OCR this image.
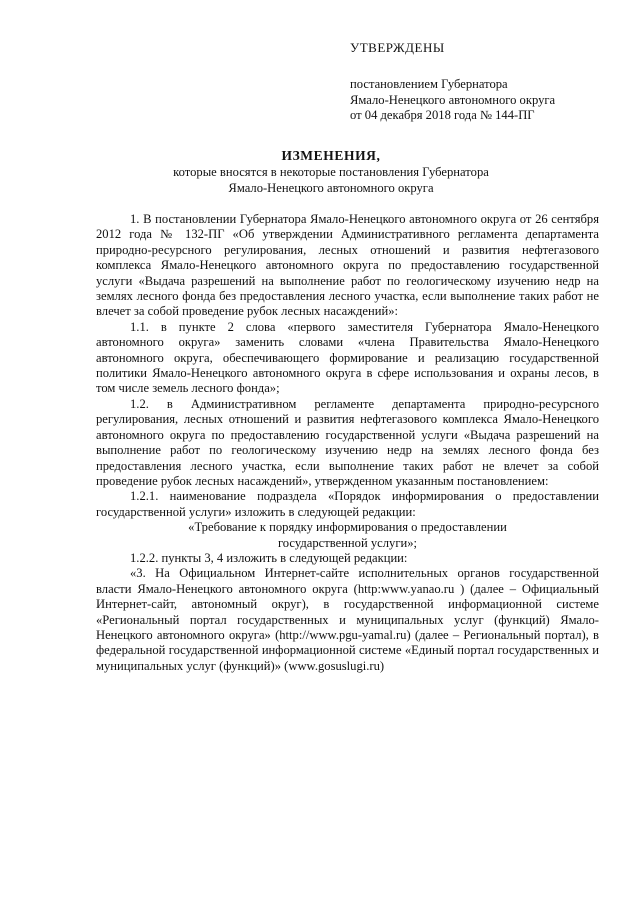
УТВЕРЖДЕНЫ
постановлением Губернатора
Ямало-Ненецкого автономного округа
от 04 декабря 2018 года № 144-ПГ
ИЗМЕНЕНИЯ,
которые вносятся в некоторые постановления Губернатора
Ямало-Ненецкого автономного округа

1. В постановлении Губернатора Ямало-Ненецкого автономного округа от 26 сентября 2012 года № 132-ПГ «Об утверждении Административного регламента департамента природно-ресурсного регулирования, лесных отношений и развития нефтегазового комплекса Ямало-Ненецкого автономного округа по предоставлению государственной услуги «Выдача разрешений на выполнение работ по геологическому изучению недр на землях лесного фонда без предоставления лесного участка, если выполнение таких работ не влечет за собой проведение рубок лесных насаждений»:

1.1. в пункте 2 слова «первого заместителя Губернатора Ямало-Ненецкого автономного округа» заменить словами «члена Правительства Ямало-Ненецкого автономного округа, обеспечивающего формирование и реализацию государственной политики Ямало-Ненецкого автономного округа в сфере использования и охраны лесов, в том числе земель лесного фонда»;

1.2. в Административном регламенте департамента природно-ресурсного регулирования, лесных отношений и развития нефтегазового комплекса Ямало-Ненецкого автономного округа по предоставлению государственной услуги «Выдача разрешений на выполнение работ по геологическому изучению недр на землях лесного фонда без предоставления лесного участка, если выполнение таких работ не влечет за собой проведение рубок лесных насаждений», утвержденном указанным постановлением:

1.2.1. наименование подраздела «Порядок информирования о предоставлении государственной услуги» изложить в следующей редакции:

«Требование к порядку информирования о предоставлении

государственной услуги»;

1.2.2. пункты 3, 4 изложить в следующей редакции:

«3. На Официальном Интернет-сайте исполнительных органов государственной власти Ямало-Ненецкого автономного округа (http:www.yanao.ru ) (далее – Официальный Интернет-сайт, автономный округ), в государственной информационной системе «Региональный портал государственных и муниципальных услуг (функций) Ямало-Ненецкого автономного округа» (http://www.pgu-yamal.ru) (далее – Региональный портал), в федеральной государственной информационной системе «Единый портал государственных и муниципальных услуг (функций)» (www.gosuslugi.ru)
